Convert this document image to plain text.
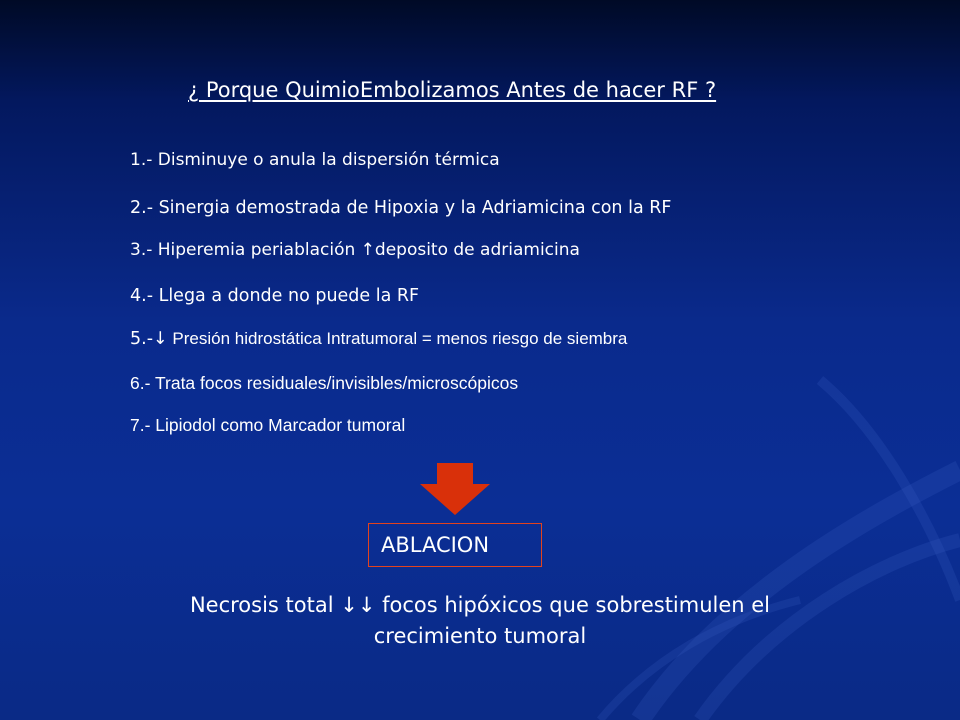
¿ Porque QuimioEmbolizamos Antes de hacer RF ?
1.- Disminuye o anula la dispersión térmica
2.- Sinergia demostrada de Hipoxia y la Adriamicina con la RF
3.- Hiperemia periablación ↑deposito de adriamicina
4.- Llega a donde no puede la RF
5.-↓ Presión hidrostática Intratumoral = menos riesgo de siembra
6.- Trata focos residuales/invisibles/microscópicos
7.- Lipiodol como Marcador tumoral
ABLACION
Necrosis total ↓↓ focos hipóxicos que sobrestimulen el
crecimiento tumoral
